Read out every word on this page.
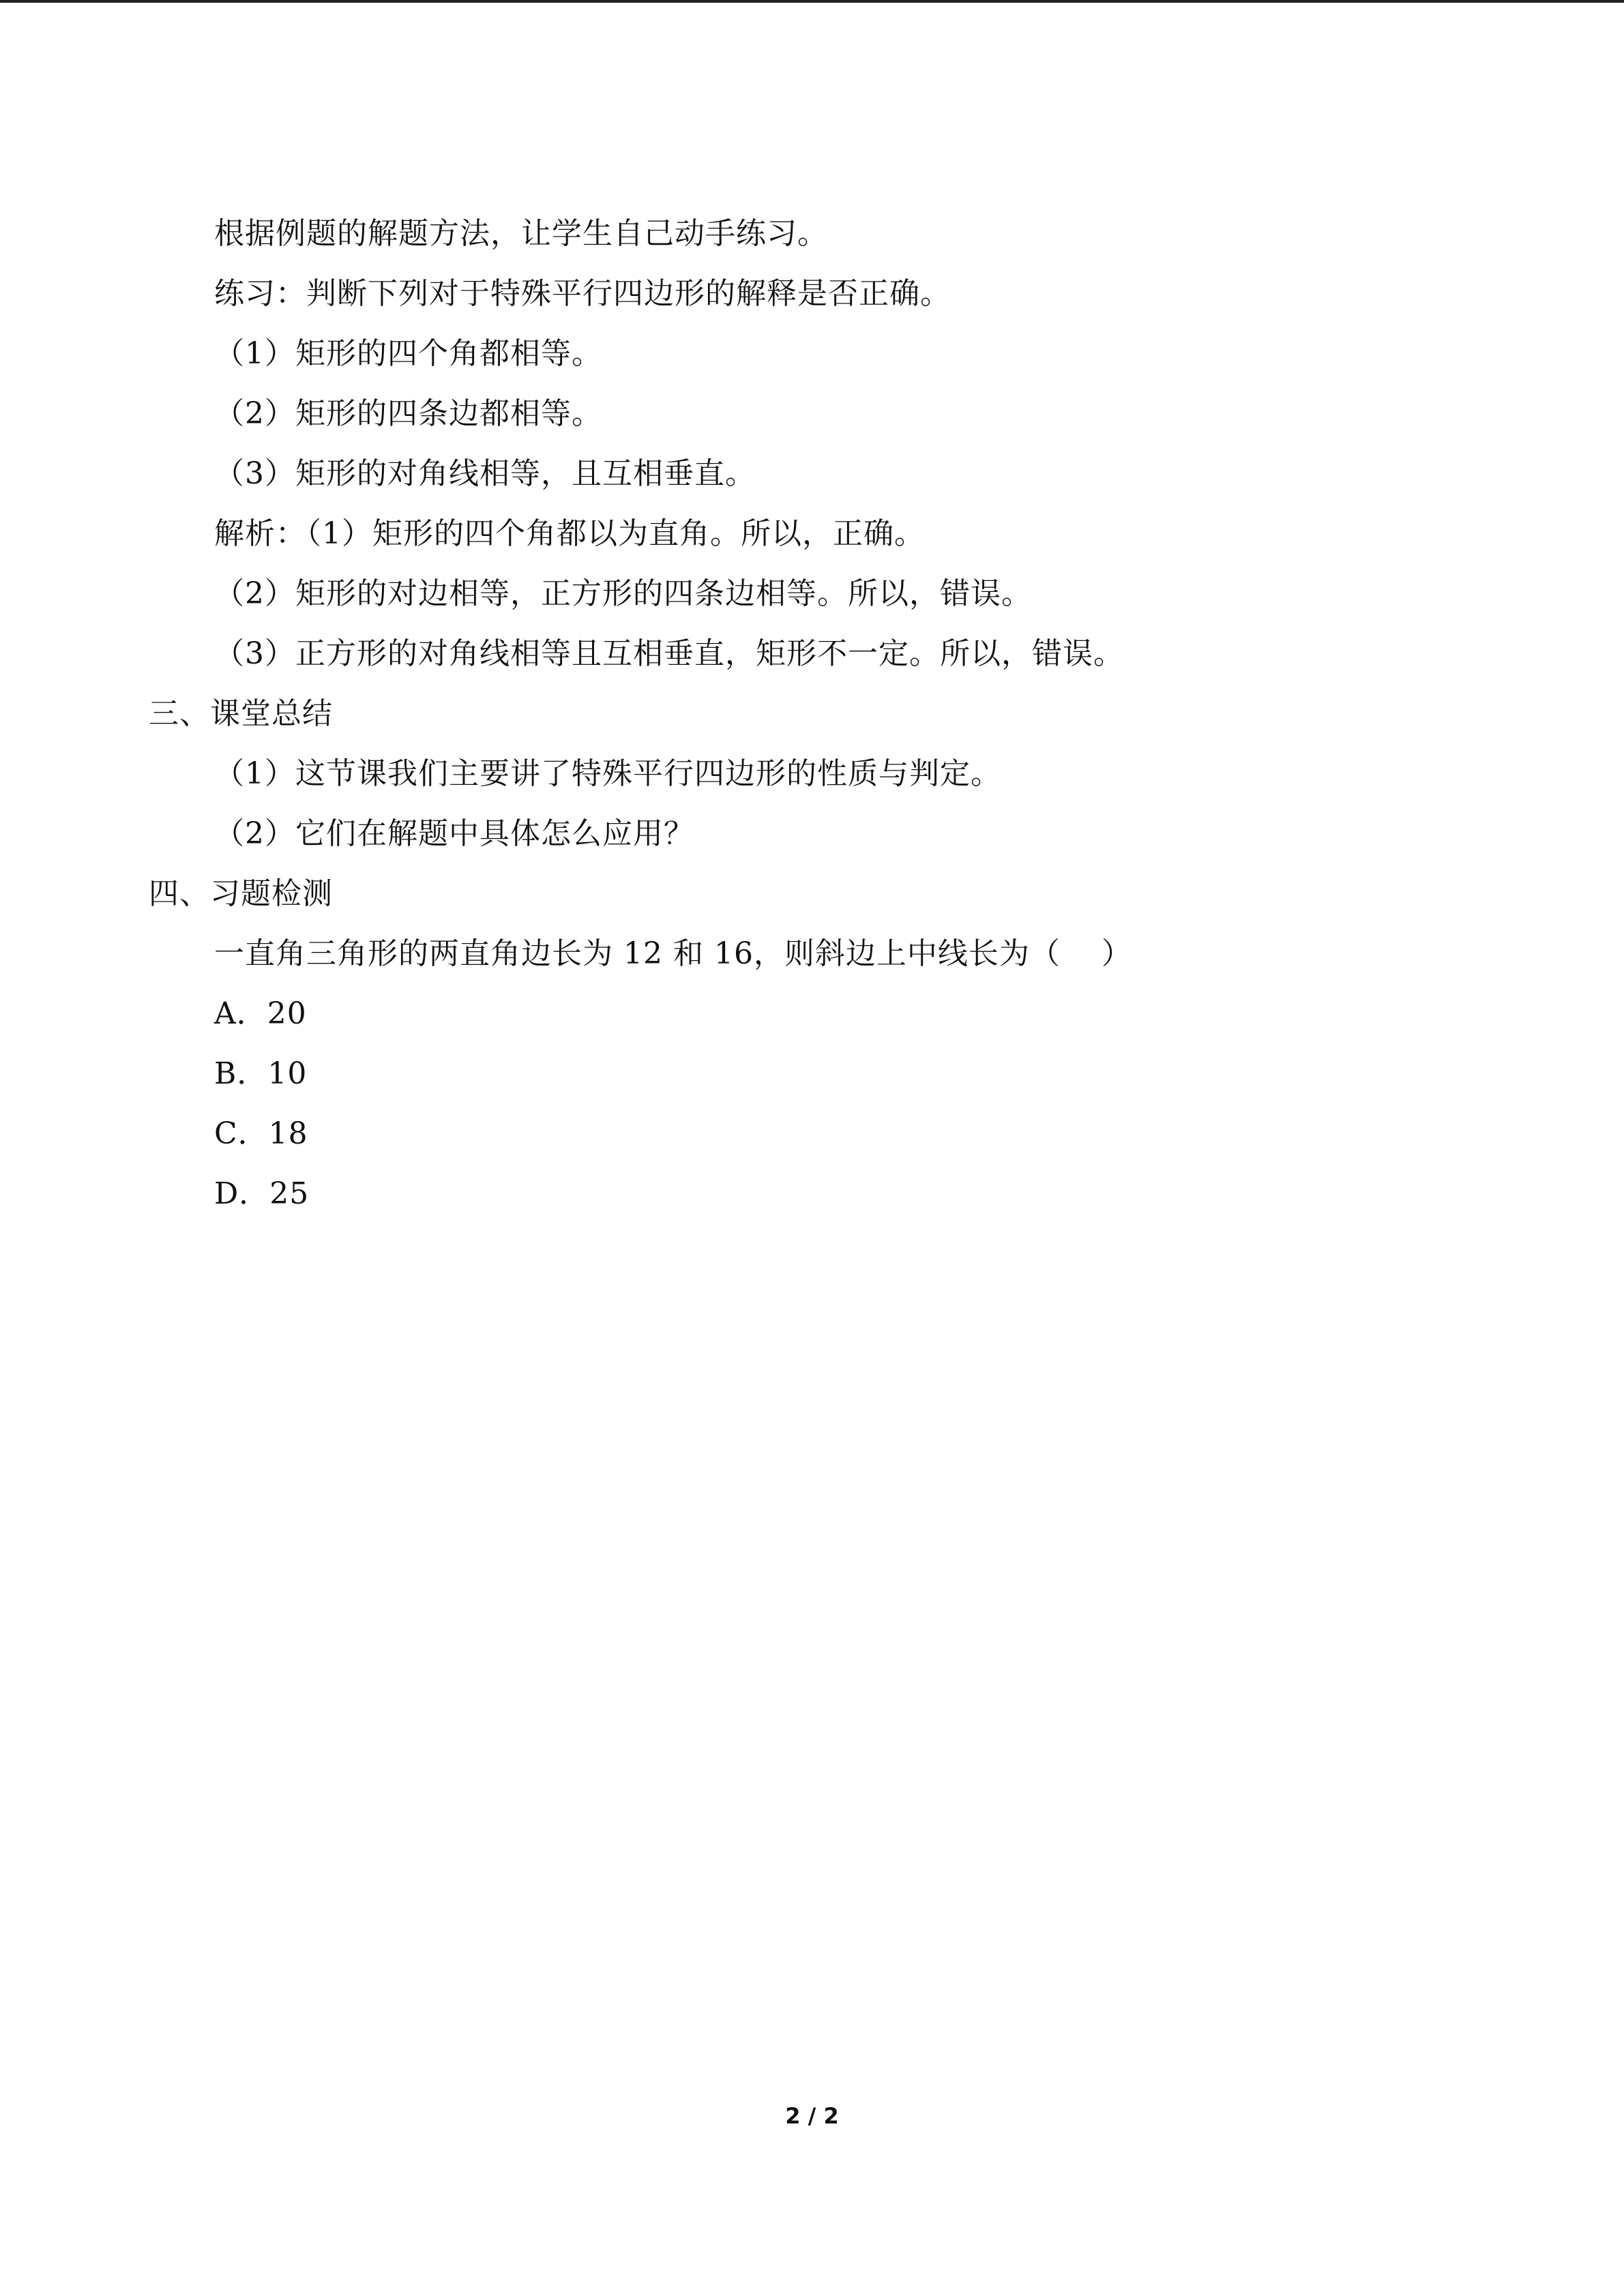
根据例题的解题方法，让学生自己动手练习。
练习：判断下列对于特殊平行四边形的解释是否正确。
（1）矩形的四个角都相等。
（2）矩形的四条边都相等。
（3）矩形的对角线相等，且互相垂直。
解析：（1）矩形的四个角都以为直角。所以，正确。
（2）矩形的对边相等，正方形的四条边相等。所以，错误。
（3）正方形的对角线相等且互相垂直，矩形不一定。所以，错误。
三、课堂总结
（1）这节课我们主要讲了特殊平行四边形的性质与判定。
（2）它们在解题中具体怎么应用？
四、习题检测
一直角三角形的两直角边长为 12 和 16，则斜边上中线长为（    ）
A．20
B．10
C．18
D．25
2 / 2
